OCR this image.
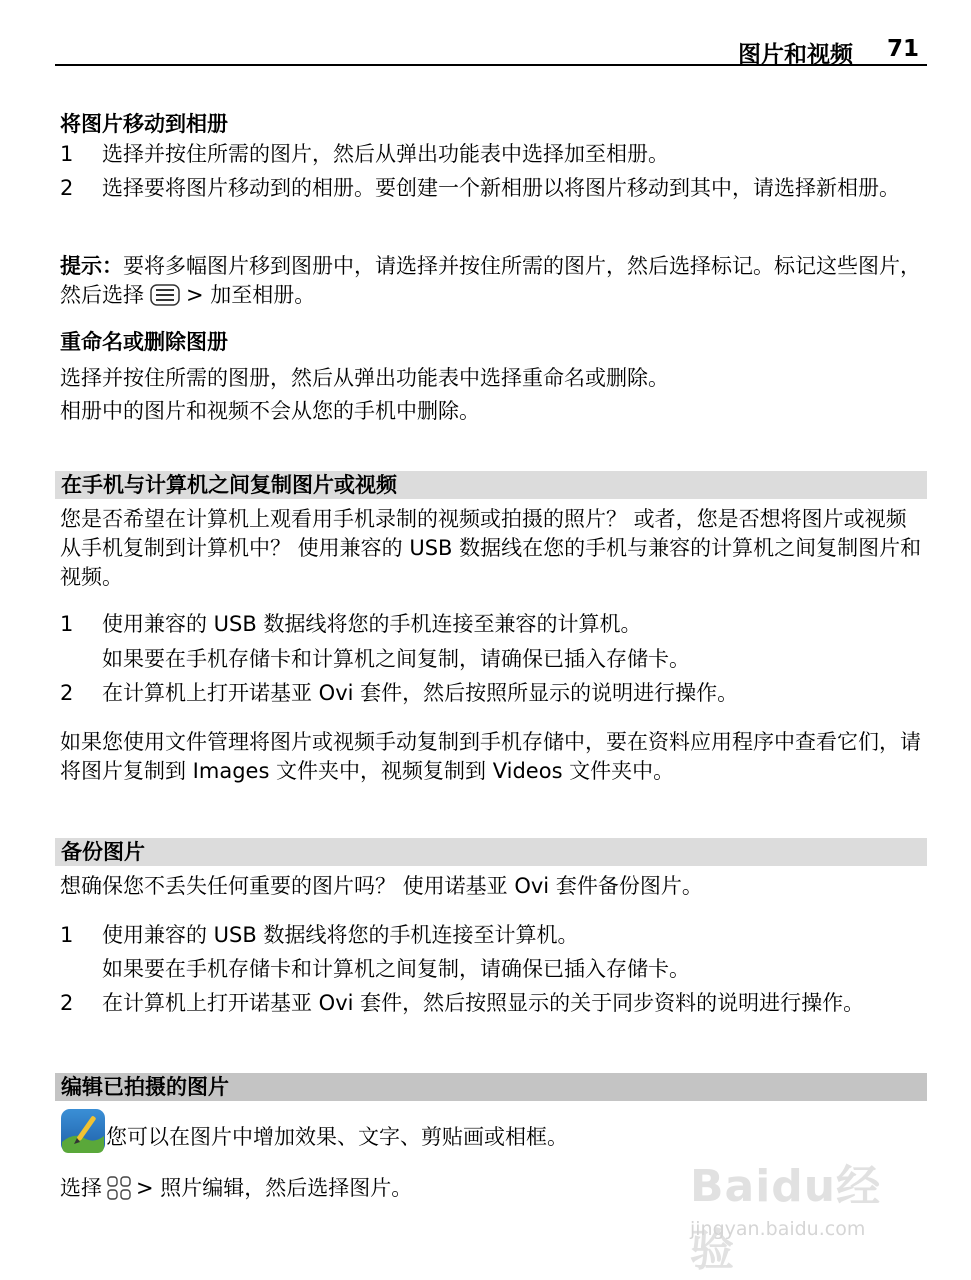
图片和视频 71
将图片移动到相册
1 选择并按住所需的图片，然后从弹出功能表中选择加至相册。
2 选择要将图片移动到的相册。要创建一个新相册以将图片移动到其中，请选择新相册。
提示：要将多幅图片移到图册中，请选择并按住所需的图片，然后选择标记。标记这些图片，然后选择 > 加至相册。
重命名或删除图册
选择并按住所需的图册，然后从弹出功能表中选择重命名或删除。
相册中的图片和视频不会从您的手机中删除。
在手机与计算机之间复制图片或视频
您是否希望在计算机上观看用手机录制的视频或拍摄的照片？ 或者，您是否想将图片或视频从手机复制到计算机中？ 使用兼容的 USB 数据线在您的手机与兼容的计算机之间复制图片和视频。
1 使用兼容的 USB 数据线将您的手机连接至兼容的计算机。
如果要在手机存储卡和计算机之间复制，请确保已插入存储卡。
2 在计算机上打开诺基亚 Ovi 套件，然后按照所显示的说明进行操作。
如果您使用文件管理将图片或视频手动复制到手机存储中，要在资料应用程序中查看它们，请将图片复制到 Images 文件夹中，视频复制到 Videos 文件夹中。
备份图片
想确保您不丢失任何重要的图片吗？ 使用诺基亚 Ovi 套件备份图片。
1 使用兼容的 USB 数据线将您的手机连接至计算机。
如果要在手机存储卡和计算机之间复制，请确保已插入存储卡。
2 在计算机上打开诺基亚 Ovi 套件，然后按照显示的关于同步资料的说明进行操作。
编辑已拍摄的图片
您可以在图片中增加效果、文字、剪贴画或相框。
选择 > 照片编辑，然后选择图片。	Baidu经验
jingyan.baidu.com
